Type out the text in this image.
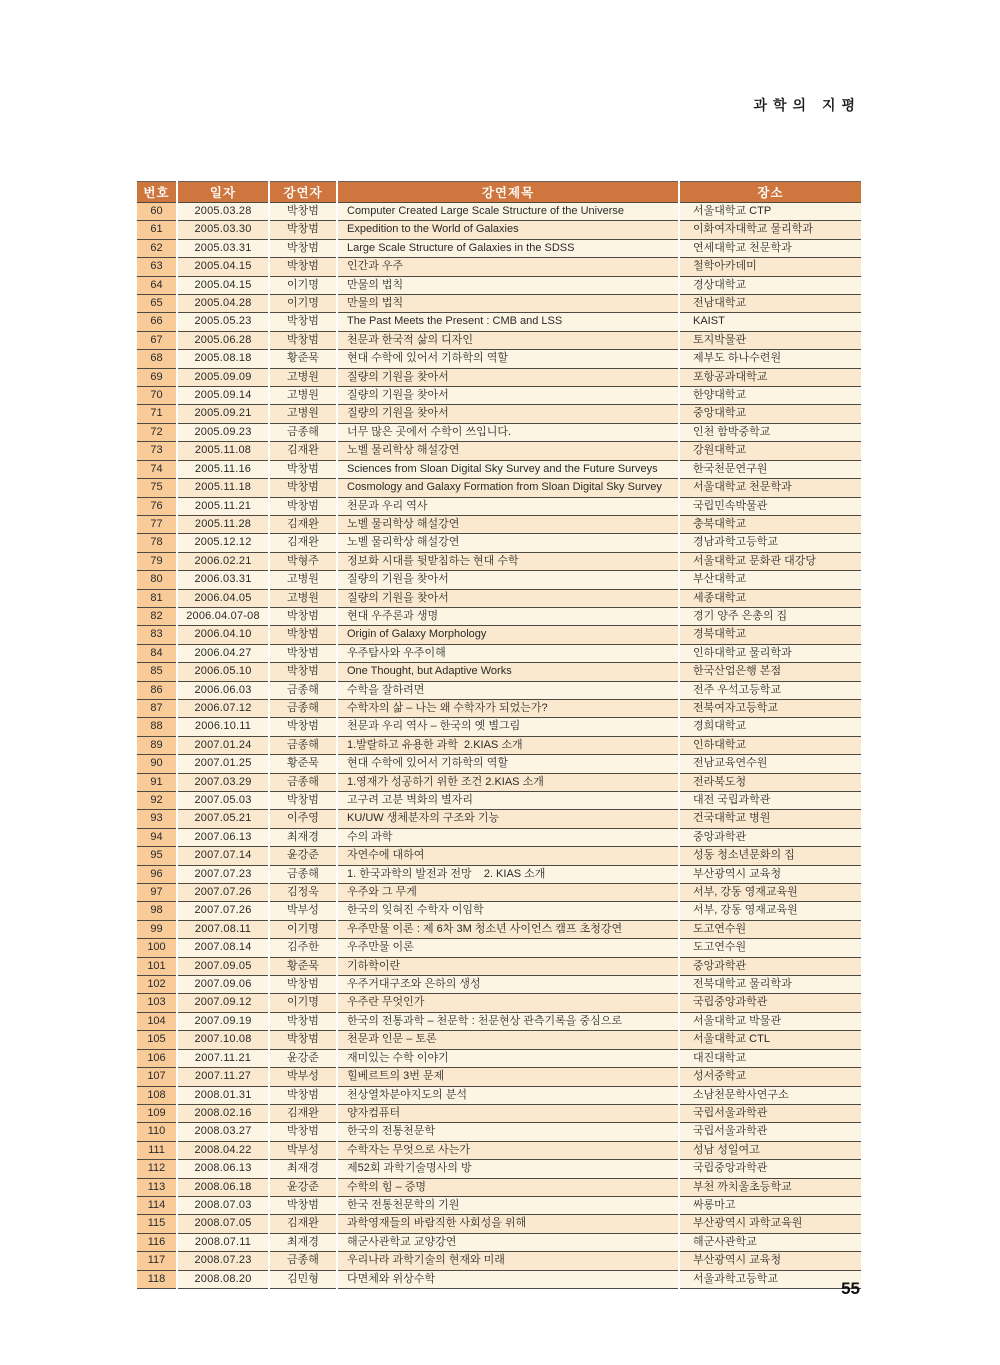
과학의 지평
번호	일자	강연자	강연제목	장소
60	2005.03.28	박창범	Computer Created Large Scale Structure of the Universe	서울대학교 CTP
61	2005.03.30	박창범	Expedition to the World of Galaxies	이화여자대학교 물리학과
62	2005.03.31	박창범	Large Scale Structure of Galaxies in the SDSS	연세대학교 천문학과
63	2005.04.15	박창범	인간과 우주	철학아카데미
64	2005.04.15	이기명	만물의 법칙	경상대학교
65	2005.04.28	이기명	만물의 법칙	전남대학교
66	2005.05.23	박창범	The Past Meets the Present : CMB and LSS	KAIST
67	2005.06.28	박창범	천문과 한국적 삶의 디자인	토지박물관
68	2005.08.18	황준묵	현대 수학에 있어서 기하학의 역할	제부도 하나수련원
69	2005.09.09	고병원	질량의 기원을 찾아서	포항공과대학교
70	2005.09.14	고병원	질량의 기원을 찾아서	한양대학교
71	2005.09.21	고병원	질량의 기원을 찾아서	중앙대학교
72	2005.09.23	금종해	너무 많은 곳에서 수학이 쓰입니다.	인천 함박중학교
73	2005.11.08	김재완	노벨 물리학상 해설강연	강원대학교
74	2005.11.16	박창범	Sciences from Sloan Digital Sky Survey and the Future Surveys	한국천문연구원
75	2005.11.18	박창범	Cosmology and Galaxy Formation from Sloan Digital Sky Survey	서울대학교 천문학과
76	2005.11.21	박창범	천문과 우리 역사	국립민속박물관
77	2005.11.28	김재완	노벨 물리학상 해설강연	충북대학교
78	2005.12.12	김재완	노벨 물리학상 해설강연	경남과학고등학교
79	2006.02.21	박형주	정보화 시대를 뒷받침하는 현대 수학	서울대학교 문화관 대강당
80	2006.03.31	고병원	질량의 기원을 찾아서	부산대학교
81	2006.04.05	고병원	질량의 기원을 찾아서	세종대학교
82	2006.04.07-08	박창범	현대 우주론과 생명	경기 양주 은총의 집
83	2006.04.10	박창범	Origin of Galaxy Morphology	경북대학교
84	2006.04.27	박창범	우주탐사와 우주이해	인하대학교 물리학과
85	2006.05.10	박창범	One Thought, but Adaptive Works	한국산업은행 본점
86	2006.06.03	금종해	수학을 잘하려면	전주 우석고등학교
87	2006.07.12	금종해	수학자의 삶 – 나는 왜 수학자가 되었는가?	전북여자고등학교
88	2006.10.11	박창범	천문과 우리 역사 – 한국의 옛 별그림	경희대학교
89	2007.01.24	금종해	1.발랄하고 유용한 과학  2.KIAS 소개	인하대학교
90	2007.01.25	황준묵	현대 수학에 있어서 기하학의 역할	전남교육연수원
91	2007.03.29	금종해	1.영재가 성공하기 위한 조건 2.KIAS 소개	전라북도청
92	2007.05.03	박창범	고구려 고분 벽화의 별자리	대전 국립과학관
93	2007.05.21	이주영	KU/UW 생체분자의 구조와 기능	건국대학교 병원
94	2007.06.13	최재경	수의 과학	중앙과학관
95	2007.07.14	윤강준	자연수에 대하여	성동 청소년문화의 집
96	2007.07.23	금종해	1. 한국과학의 발전과 전망    2. KIAS 소개	부산광역시 교육청
97	2007.07.26	김정욱	우주와 그 무게	서부, 강동 영재교육원
98	2007.07.26	박부성	한국의 잊혀진 수학자 이임학	서부, 강동 영재교육원
99	2007.08.11	이기명	우주만물 이론 : 제 6차 3M 청소년 사이언스 캠프 초청강연	도고연수원
100	2007.08.14	김주한	우주만물 이론	도고연수원
101	2007.09.05	황준묵	기하학이란	중앙과학관
102	2007.09.06	박창범	우주거대구조와 은하의 생성	전북대학교 물리학과
103	2007.09.12	이기명	우주란 무엇인가	국립중앙과학관
104	2007.09.19	박창범	한국의 전통과학 – 천문학 : 천문현상 관측기록을 중심으로	서울대학교 박물관
105	2007.10.08	박창범	천문과 인문 – 토론	서울대학교 CTL
106	2007.11.21	윤강준	재미있는 수학 이야기	대진대학교
107	2007.11.27	박부성	힐베르트의 3번 문제	성서중학교
108	2008.01.31	박창범	천상열차분야지도의 분석	소남천문학사연구소
109	2008.02.16	김재완	양자컴퓨터	국립서울과학관
110	2008.03.27	박창범	한국의 전통천문학	국립서울과학관
111	2008.04.22	박부성	수학자는 무엇으로 사는가	성남 성일여고
112	2008.06.13	최재경	제52회 과학기술명사의 방	국립중앙과학관
113	2008.06.18	윤강준	수학의 힘 – 증명	부천 까치울초등학교
114	2008.07.03	박창범	한국 전통천문학의 기원	싸롱마고
115	2008.07.05	김재완	과학영재들의 바람직한 사회성을 위해	부산광역시 과학교육원
116	2008.07.11	최재경	해군사관학교 교양강연	해군사관학교
117	2008.07.23	금종해	우리나라 과학기술의 현재와 미래	부산광역시 교육청
118	2008.08.20	김민형	다면체와 위상수학	서울과학고등학교
55
